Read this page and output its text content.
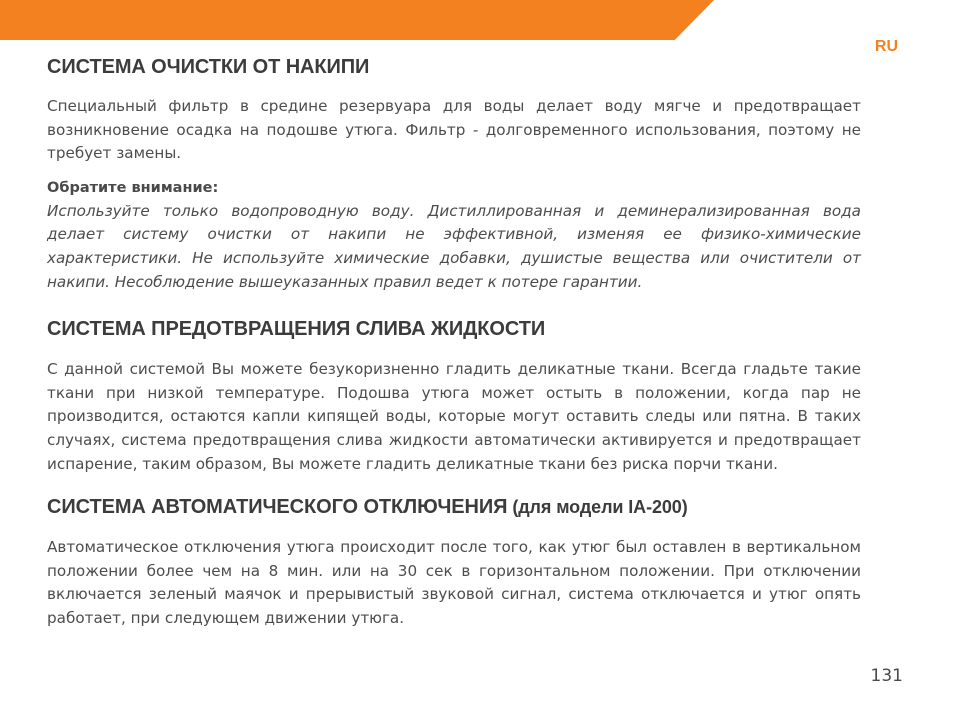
RU
СИСТЕМА ОЧИСТКИ ОТ НАКИПИ

Специальный фильтр в средине резервуара для воды делает воду мягче и предотвращает возникновение осадка на подошве утюга. Фильтр - долговременного использования, поэтому не требует замены.

Обратите внимание:

Используйте только водопроводную воду. Дистиллированная и деминерализированная вода делает систему очистки от накипи не эффективной, изменяя ее физико-химические характеристики. Не используйте химические добавки, душистые вещества или очистители от накипи. Несоблюдение вышеуказанных правил ведет к потере гарантии.

СИСТЕМА ПРЕДОТВРАЩЕНИЯ СЛИВА ЖИДКОСТИ

С данной системой Вы можете безукоризненно гладить деликатные ткани. Всегда гладьте такие ткани при низкой температуре. Подошва утюга может остыть в положении, когда пар не производится, остаются капли кипящей воды, которые могут оставить следы или пятна. В таких случаях, система предотвращения слива жидкости автоматически активируется и предотвращает испарение, таким образом, Вы можете гладить деликатные ткани без риска порчи ткани.

СИСТЕМА АВТОМАТИЧЕСКОГО ОТКЛЮЧЕНИЯ (для модели IA-200)

Автоматическое отключения утюга происходит после того, как утюг был оставлен в вертикальном положении более чем на 8 мин. или на 30 сек в горизонтальном положении. При отключении включается зеленый маячок и прерывистый звуковой сигнал, система отключается и утюг опять работает, при следующем движении утюга.

131
